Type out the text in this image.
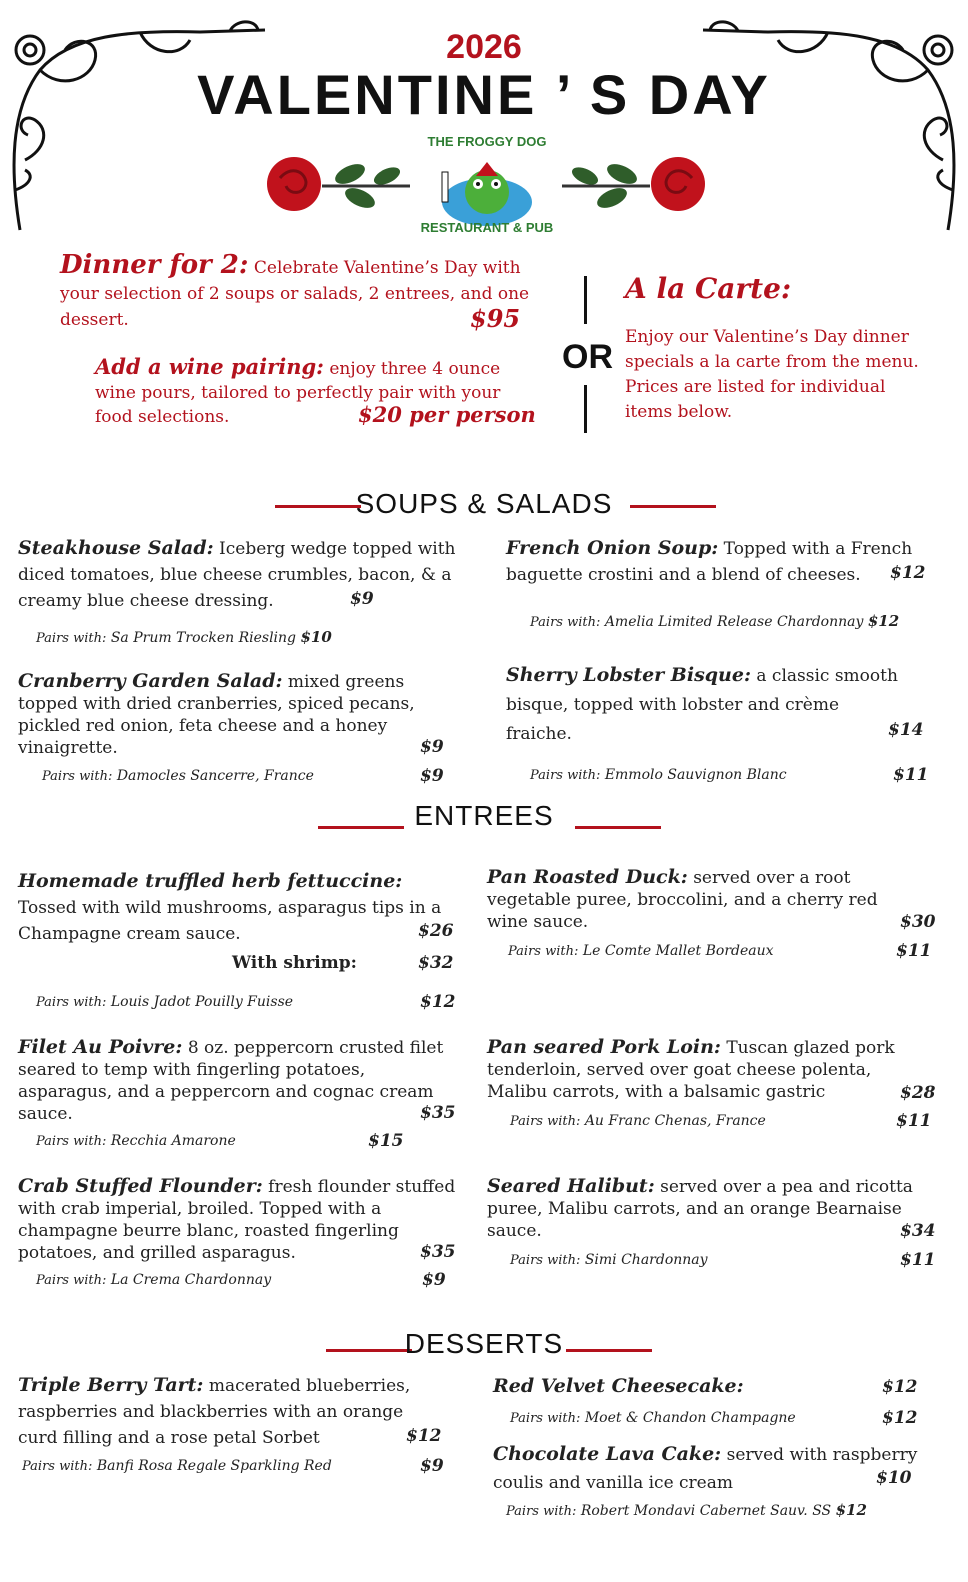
2026
VALENTINE ’ S DAY
THE FROGGY DOG
RESTAURANT & PUB
Dinner for 2: Celebrate Valentine’s Day with your selection of 2 soups or salads, 2 entrees, and one dessert.	$95
Add a wine pairing: enjoy three 4 ounce wine pours, tailored to perfectly pair with your food selections.	$20 per person
OR
A la Carte:
Enjoy our Valentine’s Day dinner specials a la carte from the menu. Prices are listed for individual items below.
SOUPS & SALADS
Steakhouse Salad: Iceberg wedge topped with diced tomatoes, blue cheese crumbles, bacon, & a creamy blue cheese dressing.	$9
Pairs with: Sa Prum Trocken Riesling $10
Cranberry Garden Salad: mixed greens topped with dried cranberries, spiced pecans, pickled red onion, feta cheese and a honey vinaigrette.	$9
Pairs with: Damocles Sancerre, France	$9
French Onion Soup: Topped with a French baguette crostini and a blend of cheeses.	$12
Pairs with: Amelia Limited Release Chardonnay $12
Sherry Lobster Bisque: a classic smooth bisque, topped with lobster and crème fraiche.	$14
Pairs with: Emmolo Sauvignon Blanc	$11
ENTREES
Homemade truffled herb fettuccine: Tossed with wild mushrooms, asparagus tips in a Champagne cream sauce.	$26
With shrimp:	$32
Pairs with: Louis Jadot Pouilly Fuisse	$12
Filet Au Poivre: 8 oz. peppercorn crusted filet seared to temp with fingerling potatoes, asparagus, and a peppercorn and cognac cream sauce.	$35
Pairs with: Recchia Amarone	$15
Crab Stuffed Flounder: fresh flounder stuffed with crab imperial, broiled. Topped with a champagne beurre blanc, roasted fingerling potatoes, and grilled asparagus.	$35
Pairs with: La Crema Chardonnay	$9
Pan Roasted Duck: served over a root vegetable puree, broccolini, and a cherry red wine sauce.	$30
Pairs with: Le Comte Mallet Bordeaux	$11
Pan seared Pork Loin: Tuscan glazed pork tenderloin, served over goat cheese polenta, Malibu carrots, with a balsamic gastric	$28
Pairs with: Au Franc Chenas, France	$11
Seared Halibut: served over a pea and ricotta puree, Malibu carrots, and an orange Bearnaise sauce.	$34
Pairs with: Simi Chardonnay	$11
DESSERTS
Triple Berry Tart: macerated blueberries, raspberries and blackberries with an orange curd filling and a rose petal Sorbet	$12
Pairs with: Banfi Rosa Regale Sparkling Red	$9
Red Velvet Cheesecake:	$12
Pairs with: Moet & Chandon Champagne	$12
Chocolate Lava Cake: served with raspberry coulis and vanilla ice cream	$10
Pairs with: Robert Mondavi Cabernet Sauv. SS $12
